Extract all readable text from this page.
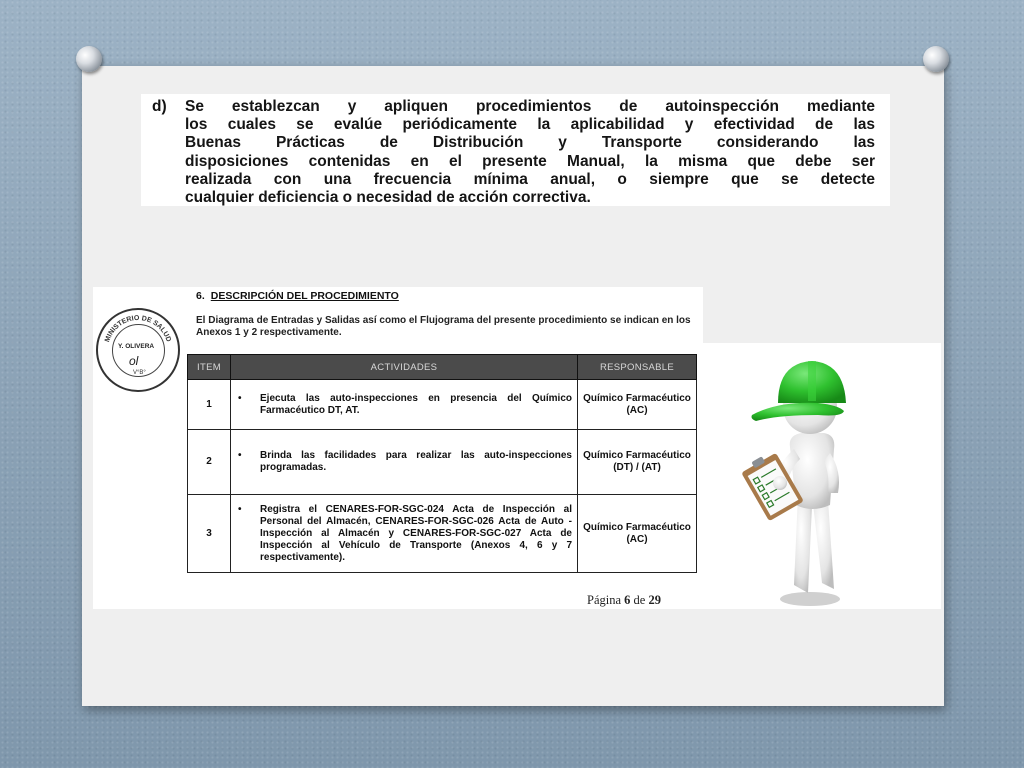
d) Se establezcan y apliquen procedimientos de autoinspección mediante
los cuales se evalúe periódicamente la aplicabilidad y efectividad de las
Buenas Prácticas de Distribución y Transporte considerando las
disposiciones contenidas en el presente Manual, la misma que debe ser
realizada con una frecuencia mínima anual, o siempre que se detecte
cualquier deficiencia o necesidad de acción correctiva.
MINISTERIO DE SALUD
Y. OLIVERA
ol
V°B°
6. DESCRIPCIÓN DEL PROCEDIMIENTO
El Diagrama de Entradas y Salidas así como el Flujograma del presente procedimiento se indican en los Anexos 1 y 2 respectivamente.
ITEM	ACTIVIDADES	RESPONSABLE
1	• Ejecuta las auto-inspecciones en presencia del Químico Farmacéutico DT, AT.	Químico Farmacéutico (AC)
2	• Brinda las facilidades para realizar las auto-inspecciones programadas.	Químico Farmacéutico (DT) / (AT)
3	• Registra el CENARES-FOR-SGC-024 Acta de Inspección al Personal del Almacén, CENARES-FOR-SGC-026 Acta de Auto - Inspección al Almacén y CENARES-FOR-SGC-027 Acta de Inspección al Vehículo de Transporte (Anexos 4, 6 y 7 respectivamente).	Químico Farmacéutico (AC)
Página 6 de 29
